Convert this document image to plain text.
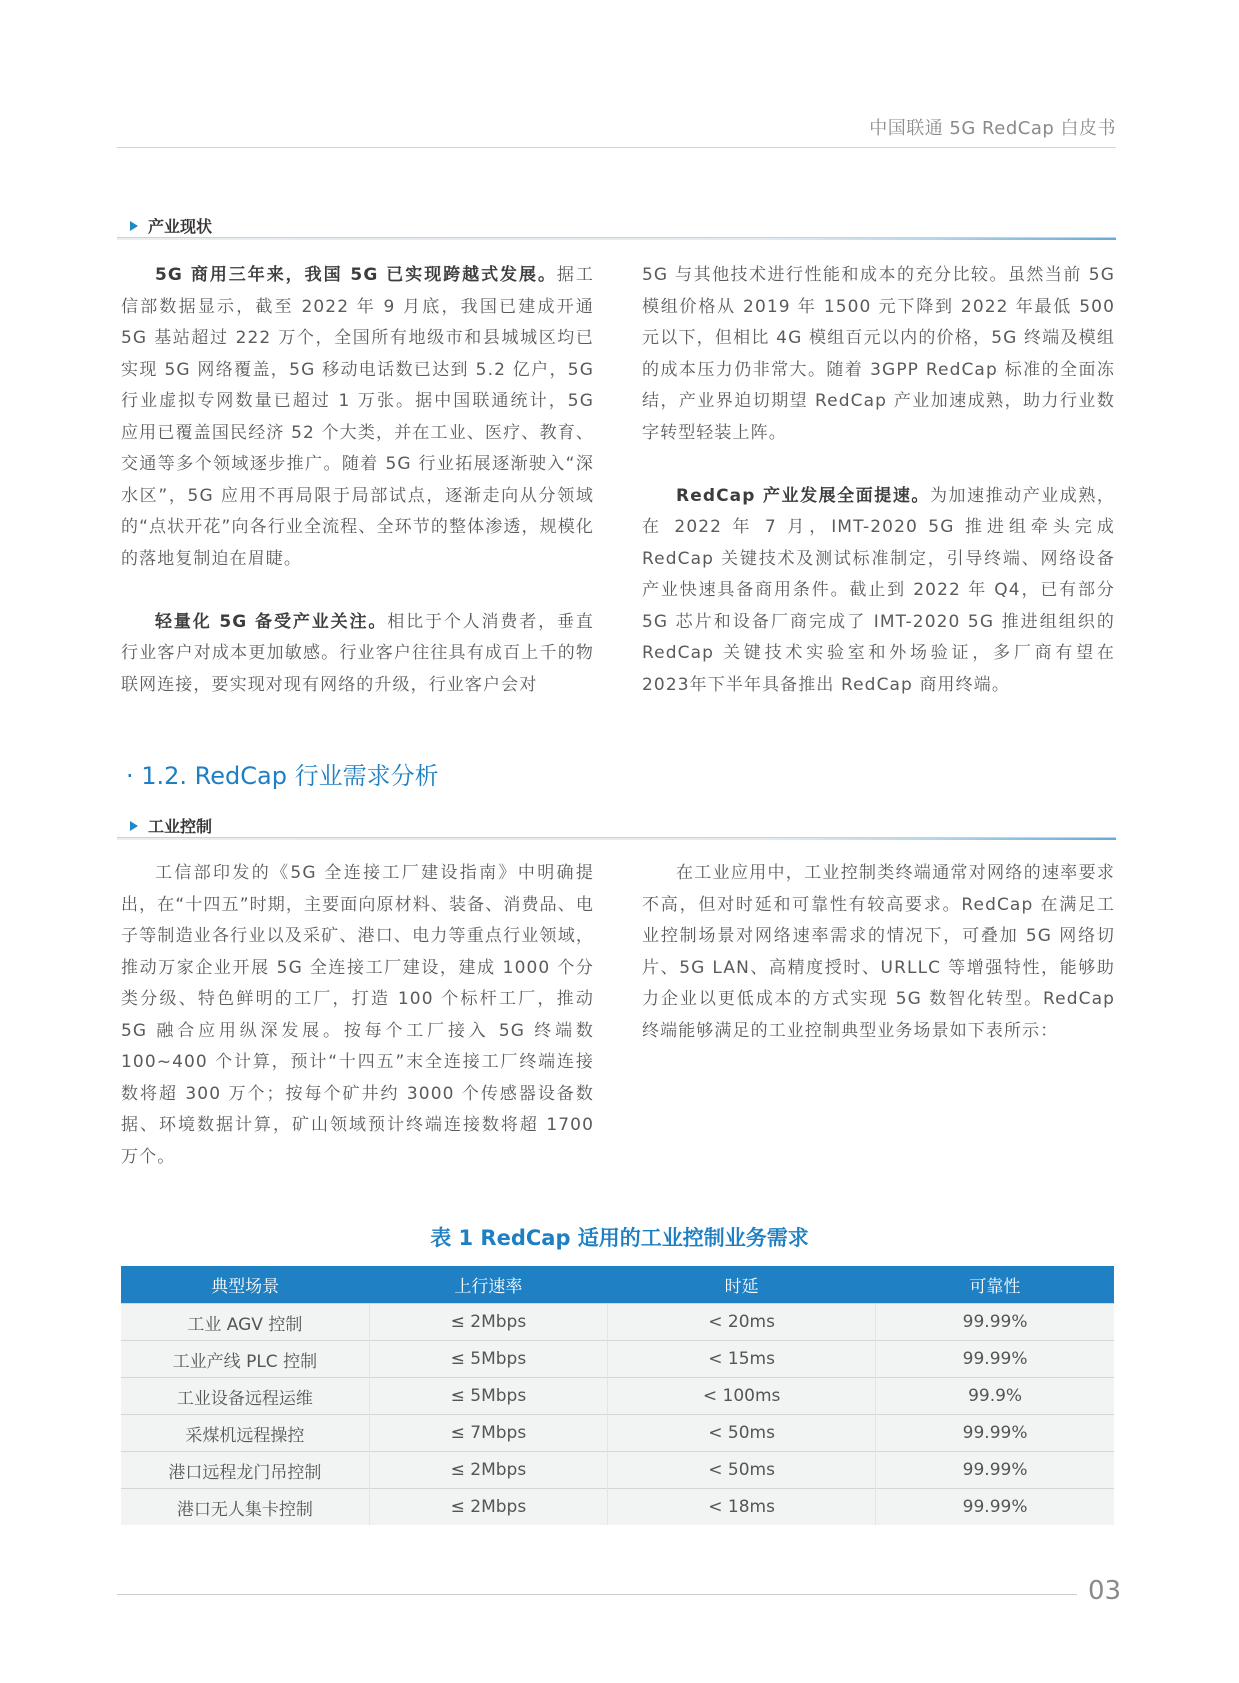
中国联通 5G RedCap 白皮书
产业现状

5G 商用三年来，我国 5G 已实现跨越式发展。据工信部数据显示，截至 2022 年 9 月底，我国已建成开通 5G 基站超过 222 万个，全国所有地级市和县城城区均已实现 5G 网络覆盖，5G 移动电话数已达到 5.2 亿户，5G 行业虚拟专网数量已超过 1 万张。据中国联通统计，5G 应用已覆盖国民经济 52 个大类，并在工业、医疗、教育、交通等多个领域逐步推广。随着 5G 行业拓展逐渐驶入“深水区”，5G 应用不再局限于局部试点，逐渐走向从分领域的“点状开花”向各行业全流程、全环节的整体渗透，规模化的落地复制迫在眉睫。

轻量化 5G 备受产业关注。相比于个人消费者，垂直行业客户对成本更加敏感。行业客户往往具有成百上千的物联网连接，要实现对现有网络的升级，行业客户会对

5G 与其他技术进行性能和成本的充分比较。虽然当前 5G 模组价格从 2019 年 1500 元下降到 2022 年最低 500 元以下，但相比 4G 模组百元以内的价格，5G 终端及模组的成本压力仍非常大。随着 3GPP RedCap 标准的全面冻结，产业界迫切期望 RedCap 产业加速成熟，助力行业数字转型轻装上阵。

RedCap 产业发展全面提速。为加速推动产业成熟，在 2022 年 7 月，IMT-2020 5G 推进组牵头完成 RedCap 关键技术及测试标准制定，引导终端、网络设备产业快速具备商用条件。截止到 2022 年 Q4，已有部分 5G 芯片和设备厂商完成了 IMT-2020 5G 推进组组织的 RedCap 关键技术实验室和外场验证，多厂商有望在 2023年下半年具备推出 RedCap 商用终端。

· 1.2. RedCap 行业需求分析
工业控制

工信部印发的《5G 全连接工厂建设指南》中明确提出，在“十四五”时期，主要面向原材料、装备、消费品、电子等制造业各行业以及采矿、港口、电力等重点行业领域，推动万家企业开展 5G 全连接工厂建设，建成 1000 个分类分级、特色鲜明的工厂，打造 100 个标杆工厂，推动 5G 融合应用纵深发展。按每个工厂接入 5G 终端数 100~400 个计算，预计“十四五”末全连接工厂终端连接数将超 300 万个；按每个矿井约 3000 个传感器设备数据、环境数据计算，矿山领域预计终端连接数将超 1700 万个。

在工业应用中，工业控制类终端通常对网络的速率要求不高，但对时延和可靠性有较高要求。RedCap 在满足工业控制场景对网络速率需求的情况下，可叠加 5G 网络切片、5G LAN、高精度授时、URLLC 等增强特性，能够助力企业以更低成本的方式实现 5G 数智化转型。RedCap 终端能够满足的工业控制典型业务场景如下表所示：

表 1 RedCap 适用的工业控制业务需求
典型场景	上行速率	时延	可靠性
工业 AGV 控制	≤ 2Mbps	< 20ms	99.99%
工业产线 PLC 控制	≤ 5Mbps	< 15ms	99.99%
工业设备远程运维	≤ 5Mbps	< 100ms	99.9%
采煤机远程操控	≤ 7Mbps	< 50ms	99.99%
港口远程龙门吊控制	≤ 2Mbps	< 50ms	99.99%
港口无人集卡控制	≤ 2Mbps	< 18ms	99.99%
03
